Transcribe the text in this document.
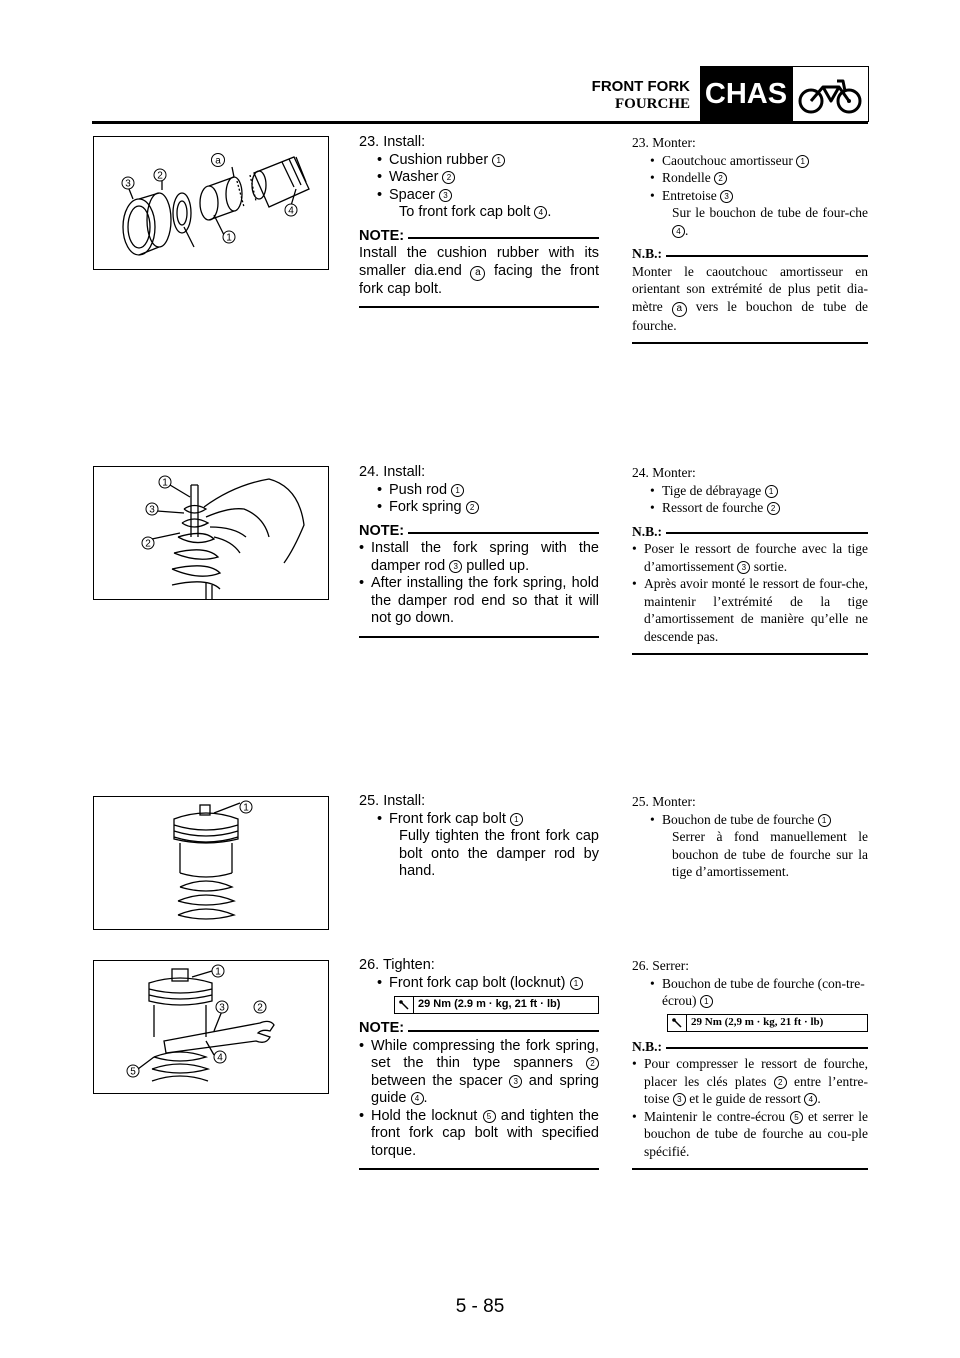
FRONT FORK
FOURCHE CHAS
3
2
1
a
4
1
3
2
1
1
2
3
4
5
23. Install:
• Cushion rubber 1
• Washer 2
• Spacer 3
To front fork cap bolt 4 .
NOTE:
Install the cushion rubber with its smaller dia.end a facing the front fork cap bolt.
24. Install:
• Push rod 1
• Fork spring 2
NOTE:
• Install the fork spring with the damper rod 3 pulled up.
• After installing the fork spring, hold the damper rod end so that it will not go down.
25. Install:
• Front fork cap bolt 1
Fully tighten the front fork cap bolt onto the damper rod by hand.
26. Tighten:
• Front fork cap bolt (locknut) 1
29 Nm (2.9 m · kg, 21 ft · lb)
NOTE:
• While compressing the fork spring, set the thin type spanners 2 between the spacer 3 and spring guide 4 .
• Hold the locknut 5 and tighten the front fork cap bolt with specified torque.
23. Monter:
• Caoutchouc amortisseur 1
• Rondelle 2
• Entretoise 3
Sur le bouchon de tube de four-che 4 .
N.B.:
Monter le caoutchouc amortisseur en orientant son extrémité de plus petit dia-mètre a vers le bouchon de tube de fourche.
24. Monter:
• Tige de débrayage 1
• Ressort de fourche 2
N.B.:
• Poser le ressort de fourche avec la tige d’amortissement 3 sortie.
• Après avoir monté le ressort de four-che, maintenir l’extrémité de la tige d’amortissement de manière qu’elle ne descende pas.
25. Monter:
• Bouchon de tube de fourche 1
Serrer à fond manuellement le bouchon de tube de fourche sur la tige d’amortissement.
26. Serrer:
• Bouchon de tube de fourche (con-tre-écrou) 1
29 Nm (2,9 m · kg, 21 ft · lb)
N.B.:
• Pour compresser le ressort de fourche, placer les clés plates 2 entre l’entre-toise 3 et le guide de ressort 4 .
• Maintenir le contre-écrou 5 et serrer le bouchon de tube de fourche au cou-ple spécifié.
5 - 85
